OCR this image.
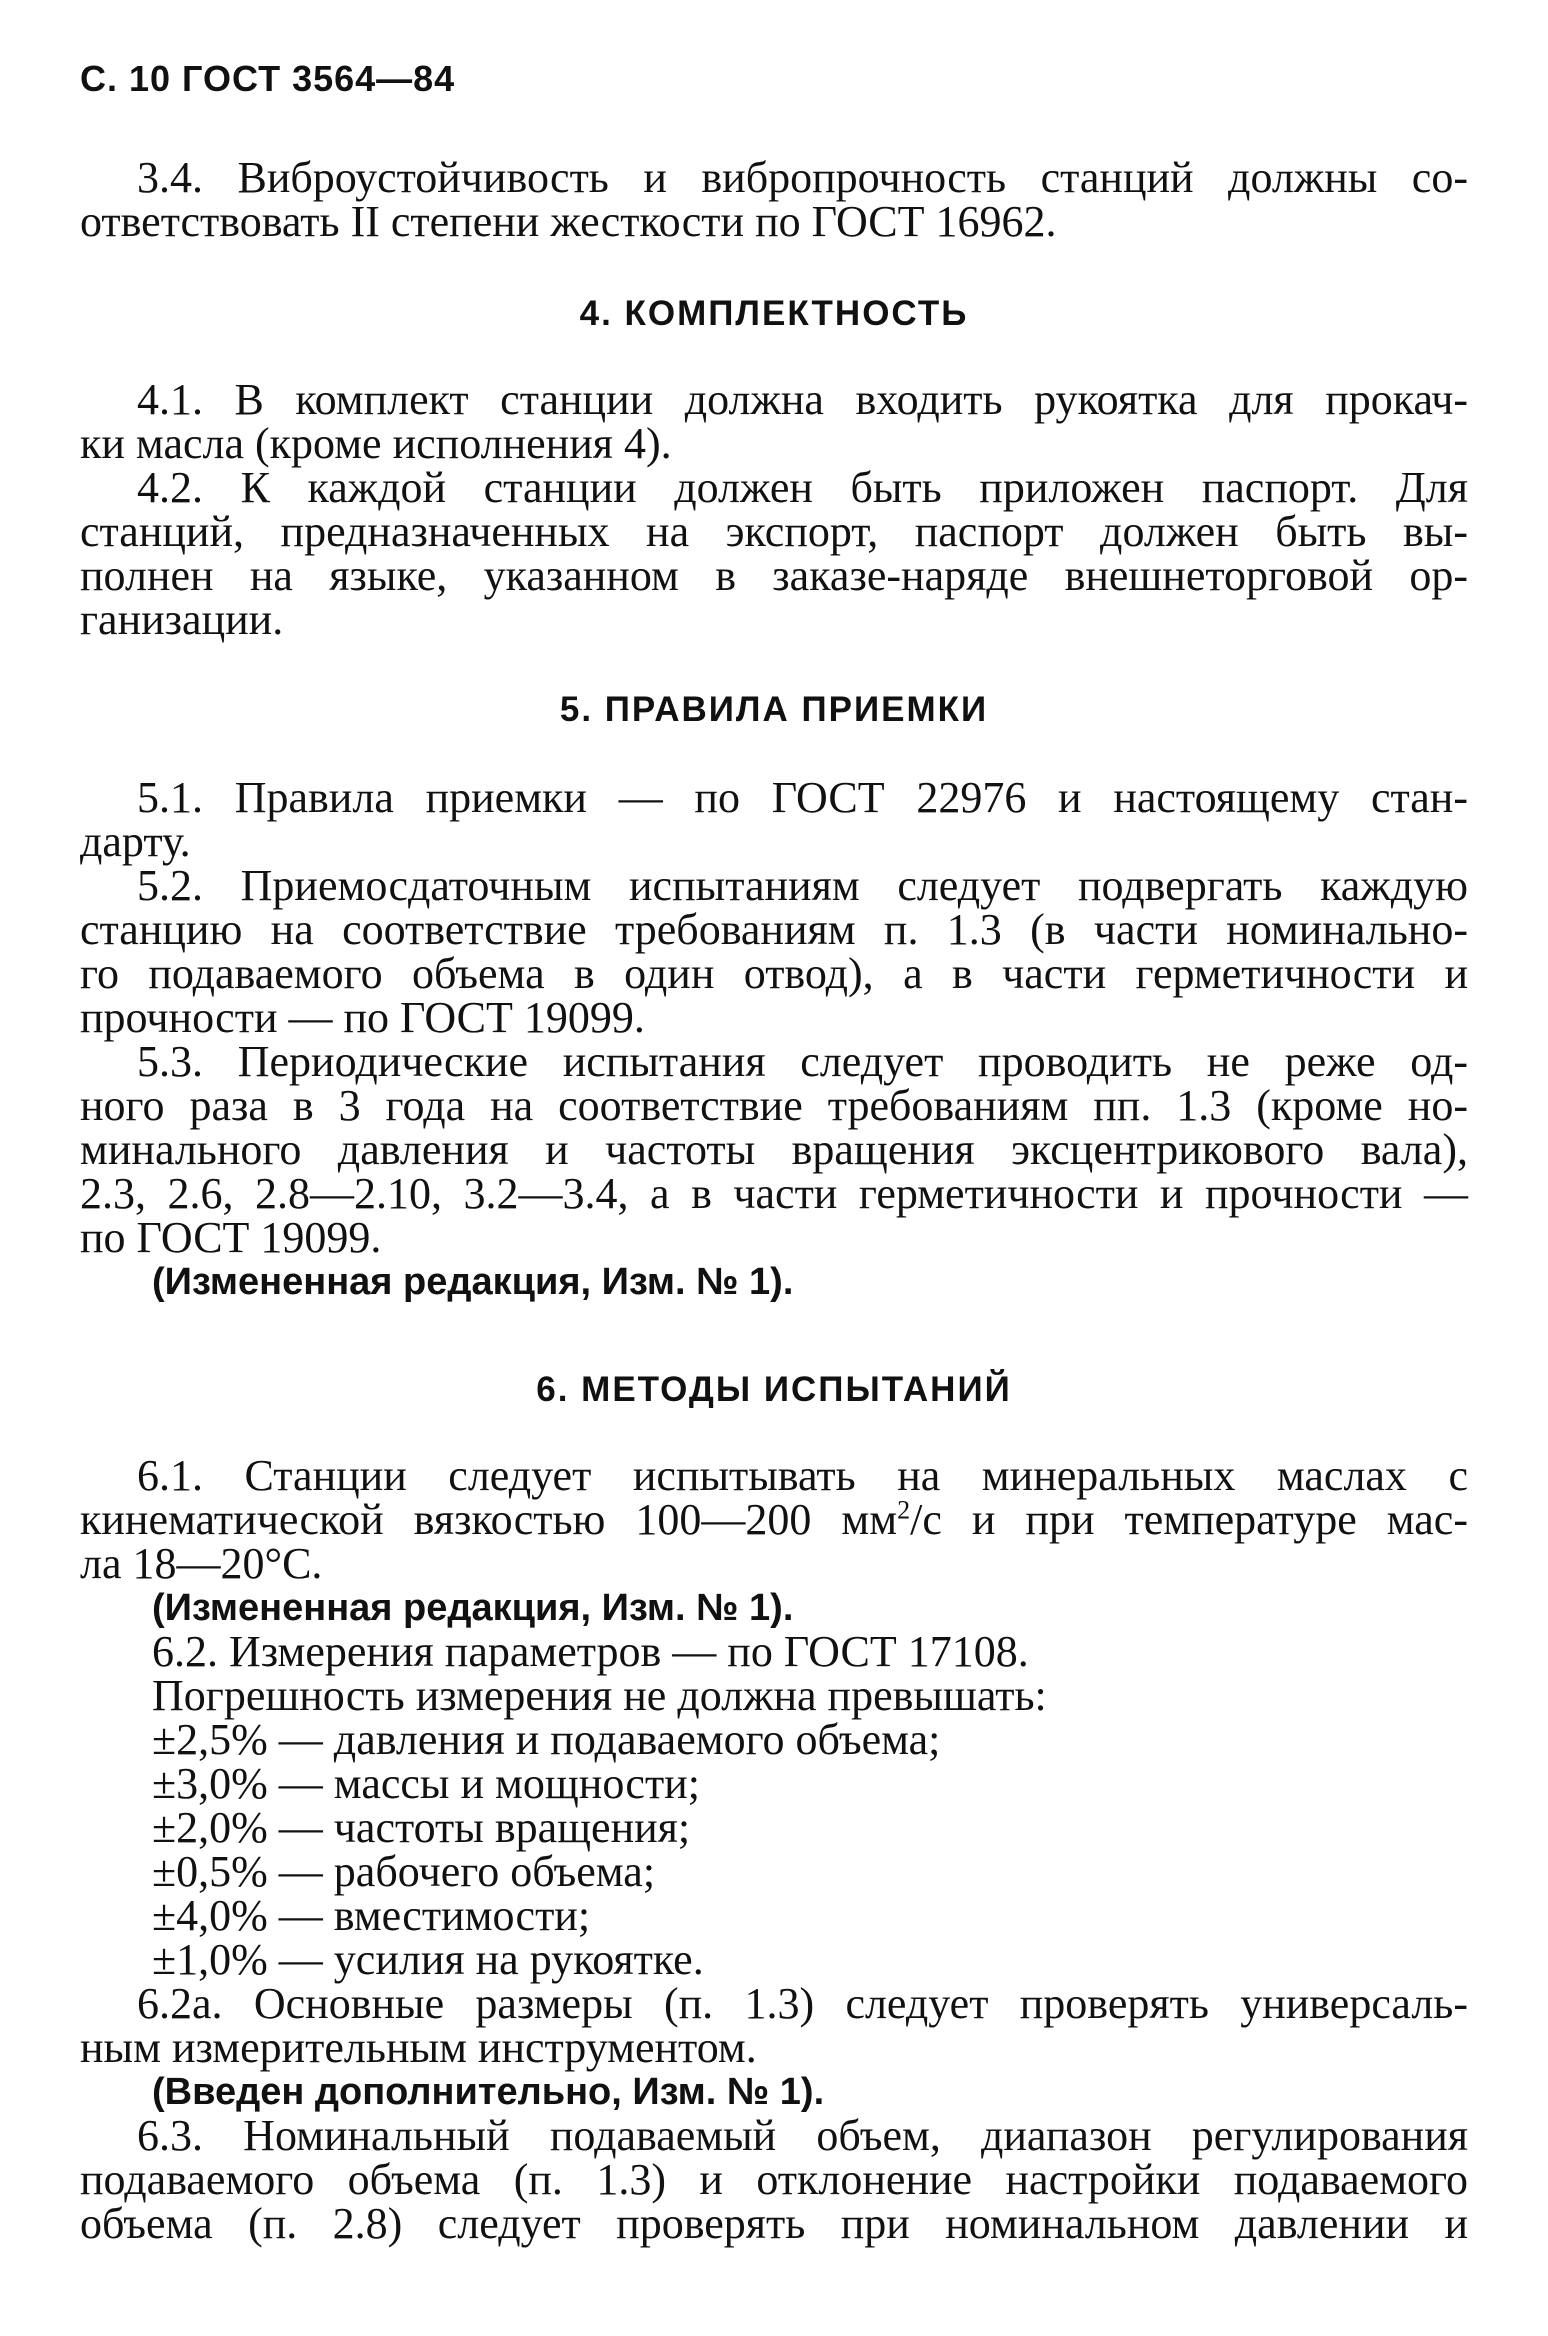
С. 10 ГОСТ 3564—84

3.4. Виброустойчивость и вибропрочность станций должны со-

ответствовать II степени жесткости по ГОСТ 16962.

4. КОМПЛЕКТНОСТЬ

4.1. В комплект станции должна входить рукоятка для прокач-

ки масла (кроме исполнения 4).

4.2. К каждой станции должен быть приложен паспорт. Для

станций, предназначенных на экспорт, паспорт должен быть вы-

полнен на языке, указанном в заказе-наряде внешнеторговой ор-

ганизации.

5. ПРАВИЛА ПРИЕМКИ

5.1. Правила приемки — по ГОСТ 22976 и настоящему стан-

дарту.

5.2. Приемосдаточным испытаниям следует подвергать каждую

станцию на соответствие требованиям п. 1.3 (в части номинально-

го подаваемого объема в один отвод), а в части герметичности и

прочности — по ГОСТ 19099.

5.3. Периодические испытания следует проводить не реже од-

ного раза в 3 года на соответствие требованиям пп. 1.3 (кроме но-

минального давления и частоты вращения эксцентрикового вала),

2.3, 2.6, 2.8—2.10, 3.2—3.4, а в части герметичности и прочности —

по ГОСТ 19099.

(Измененная редакция, Изм. № 1).
6. МЕТОДЫ ИСПЫТАНИЙ

6.1. Станции следует испытывать на минеральных маслах с

кинематической вязкостью 100—200 $мм^2/с$ и при температуре мас-

ла 18—20°С.

(Измененная редакция, Изм. № 1).
6.2. Измерения параметров — по ГОСТ 17108.
Погрешность измерения не должна превышать:
±2,5% — давления и подаваемого объема;
±3,0% — массы и мощности;
±2,0% — частоты вращения;
±0,5% — рабочего объема;
±4,0% — вместимости;
±1,0% — усилия на рукоятке.

6.2а. Основные размеры (п. 1.3) следует проверять универсаль-

ным измерительным инструментом.

(Введен дополнительно, Изм. № 1).

6.3. Номинальный подаваемый объем, диапазон регулирования

подаваемого объема (п. 1.3) и отклонение настройки подаваемого

объема (п. 2.8) следует проверять при номинальном давлении и
